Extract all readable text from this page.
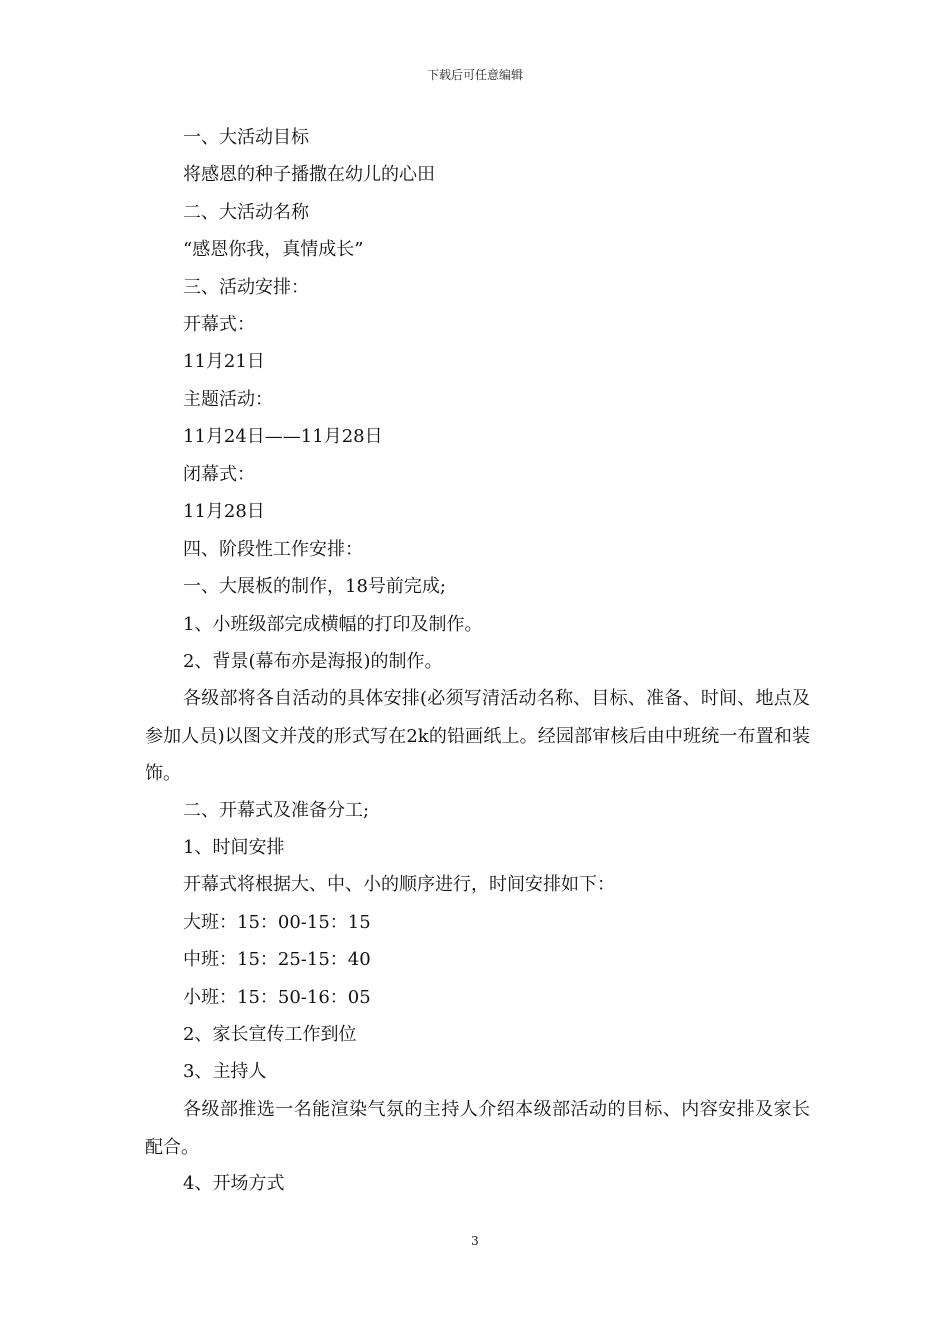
下载后可任意编辑
一、大活动目标
将感恩的种子播撒在幼儿的心田
二、大活动名称
“感恩你我，真情成长”
三、活动安排：
开幕式：
11月21日
主题活动：
11月24日——11月28日
闭幕式：
11月28日
四、阶段性工作安排：
一、大展板的制作，18号前完成;
1、小班级部完成横幅的打印及制作。
2、背景(幕布亦是海报)的制作。
各级部将各自活动的具体安排(必须写清活动名称、目标、准备、时间、地点及参加人员)以图文并茂的形式写在2k的铅画纸上。经园部审核后由中班统一布置和装饰。
二、开幕式及准备分工;
1、时间安排
开幕式将根据大、中、小的顺序进行，时间安排如下：
大班：15：00-15：15
中班：15：25-15：40
小班：15：50-16：05
2、家长宣传工作到位
3、主持人
各级部推选一名能渲染气氛的主持人介绍本级部活动的目标、内容安排及家长配合。
4、开场方式
3
